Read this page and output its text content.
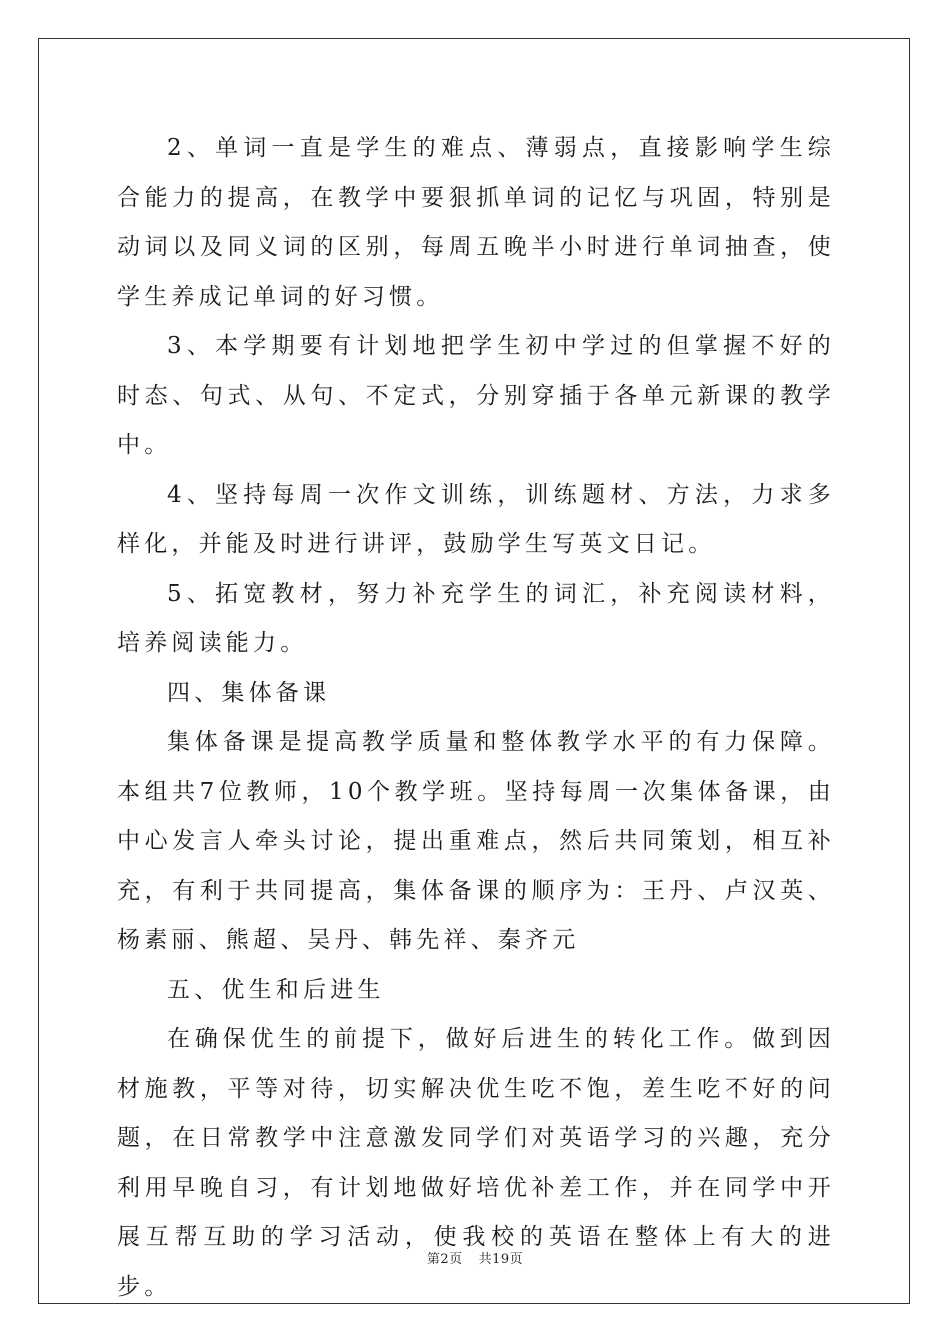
2、单词一直是学生的难点、薄弱点，直接影响学生综合能力的提高，在教学中要狠抓单词的记忆与巩固，特别是动词以及同义词的区别，每周五晚半小时进行单词抽查，使学生养成记单词的好习惯。

3、本学期要有计划地把学生初中学过的但掌握不好的时态、句式、从句、不定式，分别穿插于各单元新课的教学中。

4、坚持每周一次作文训练，训练题材、方法，力求多样化，并能及时进行讲评，鼓励学生写英文日记。

5、拓宽教材，努力补充学生的词汇，补充阅读材料，培养阅读能力。

四、集体备课

集体备课是提高教学质量和整体教学水平的有力保障。本组共7位教师，10个教学班。坚持每周一次集体备课，由中心发言人牵头讨论，提出重难点，然后共同策划，相互补充，有利于共同提高，集体备课的顺序为：王丹、卢汉英、杨素丽、熊超、吴丹、韩先祥、秦齐元

五、优生和后进生

在确保优生的前提下，做好后进生的转化工作。做到因材施教，平等对待，切实解决优生吃不饱，差生吃不好的问题，在日常教学中注意激发同学们对英语学习的兴趣，充分利用早晚自习，有计划地做好培优补差工作，并在同学中开展互帮互助的学习活动，使我校的英语在整体上有大的进步。

第2页 共19页
